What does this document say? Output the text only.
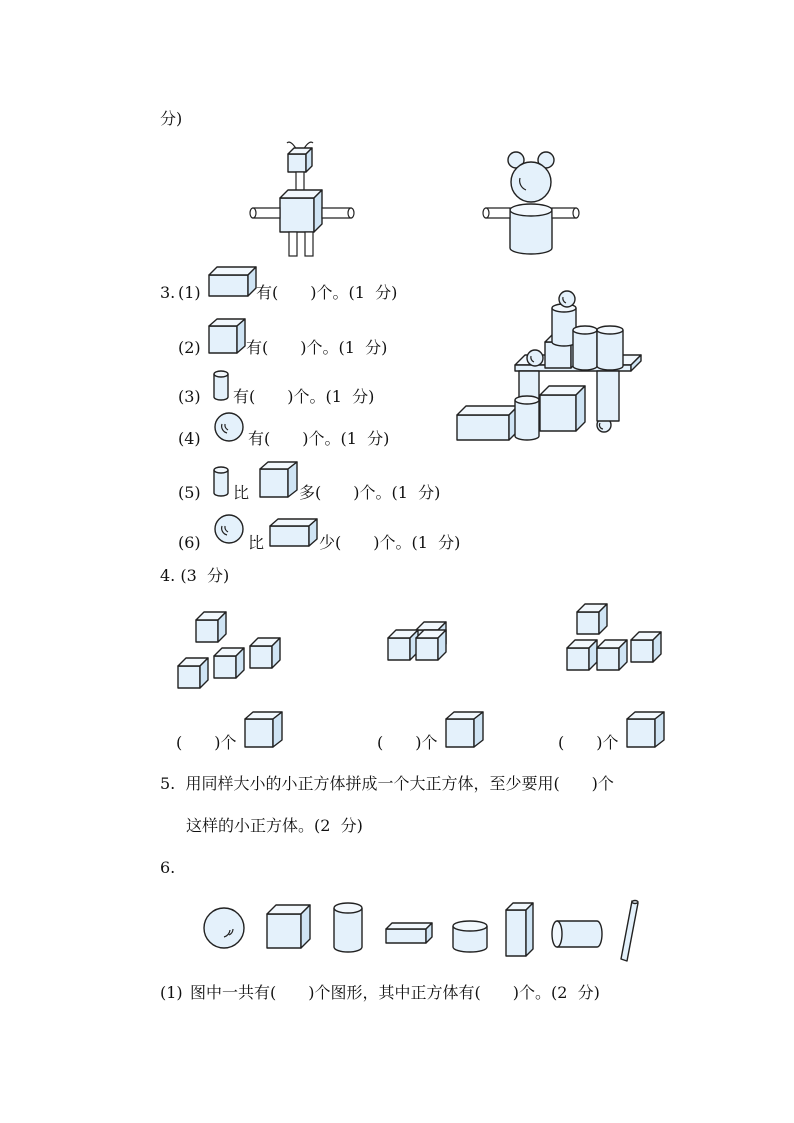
分)
3. (1)	有(　　)个。(1  分)
(2)	有(　　)个。(1  分)
(3) 有(　　)个。(1  分)
(4)	有(　　)个。(1  分)
(5) 比	多(　　)个。(1  分)
(6)	比	少(　　)个。(1  分)
4. (3  分)
(　　)个	(　　)个	(　　)个
5.  用同样大小的小正方体拼成一个大正方体，至少要用(　　)个
这样的小正方体。(2  分)
6.
(1) 图中一共有(　　)个图形，其中正方体有(　　)个。(2  分)
